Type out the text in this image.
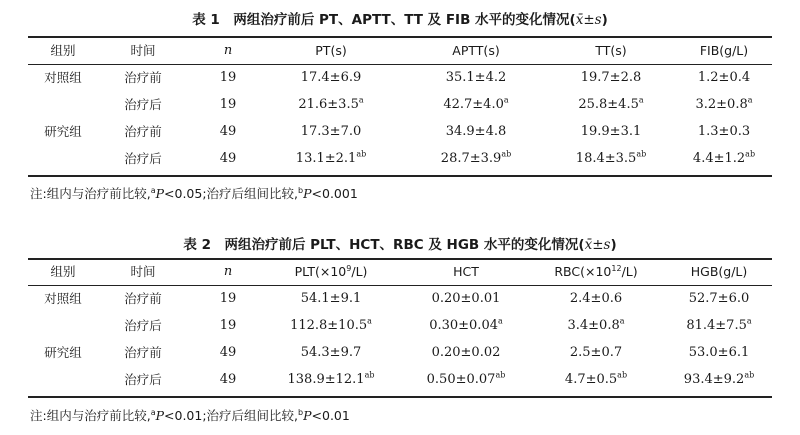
表 1　两组治疗前后 PT、APTT、TT 及 FIB 水平的变化情况(x̄±s)
组别	时间	n	PT(s)	APTT(s)	TT(s)	FIB(g/L)
对照组	治疗前	19	17.4±6.9	35.1±4.2	19.7±2.8	1.2±0.4
治疗后	19	21.6±3.5$^a$	42.7±4.0$^a$	25.8±4.5$^a$	3.2±0.8$^a$
研究组	治疗前	49	17.3±7.0	34.9±4.8	19.9±3.1	1.3±0.3
治疗后	49	13.1±2.1$^{ab}$	28.7±3.9$^{ab}$	18.4±3.5$^{ab}$	4.4±1.2$^{ab}$
注:组内与治疗前比较,$^a$P<0.05;治疗后组间比较,$^b$P<0.001
表 2　两组治疗前后 PLT、HCT、RBC 及 HGB 水平的变化情况(x̄±s)
组别	时间	n	$PLT(\times 10^9/L)$	HCT	$RBC(\times 10^{12}/L)$	HGB(g/L)
对照组	治疗前	19	54.1±9.1	0.20±0.01	2.4±0.6	52.7±6.0
治疗后	19	112.8±10.5$^a$	0.30±0.04$^a$	3.4±0.8$^a$	81.4±7.5$^a$
研究组	治疗前	49	54.3±9.7	0.20±0.02	2.5±0.7	53.0±6.1
治疗后	49	138.9±12.1$^{ab}$	0.50±0.07$^{ab}$	4.7±0.5$^{ab}$	93.4±9.2$^{ab}$
注:组内与治疗前比较,$^a$P<0.01;治疗后组间比较,$^b$P<0.01
